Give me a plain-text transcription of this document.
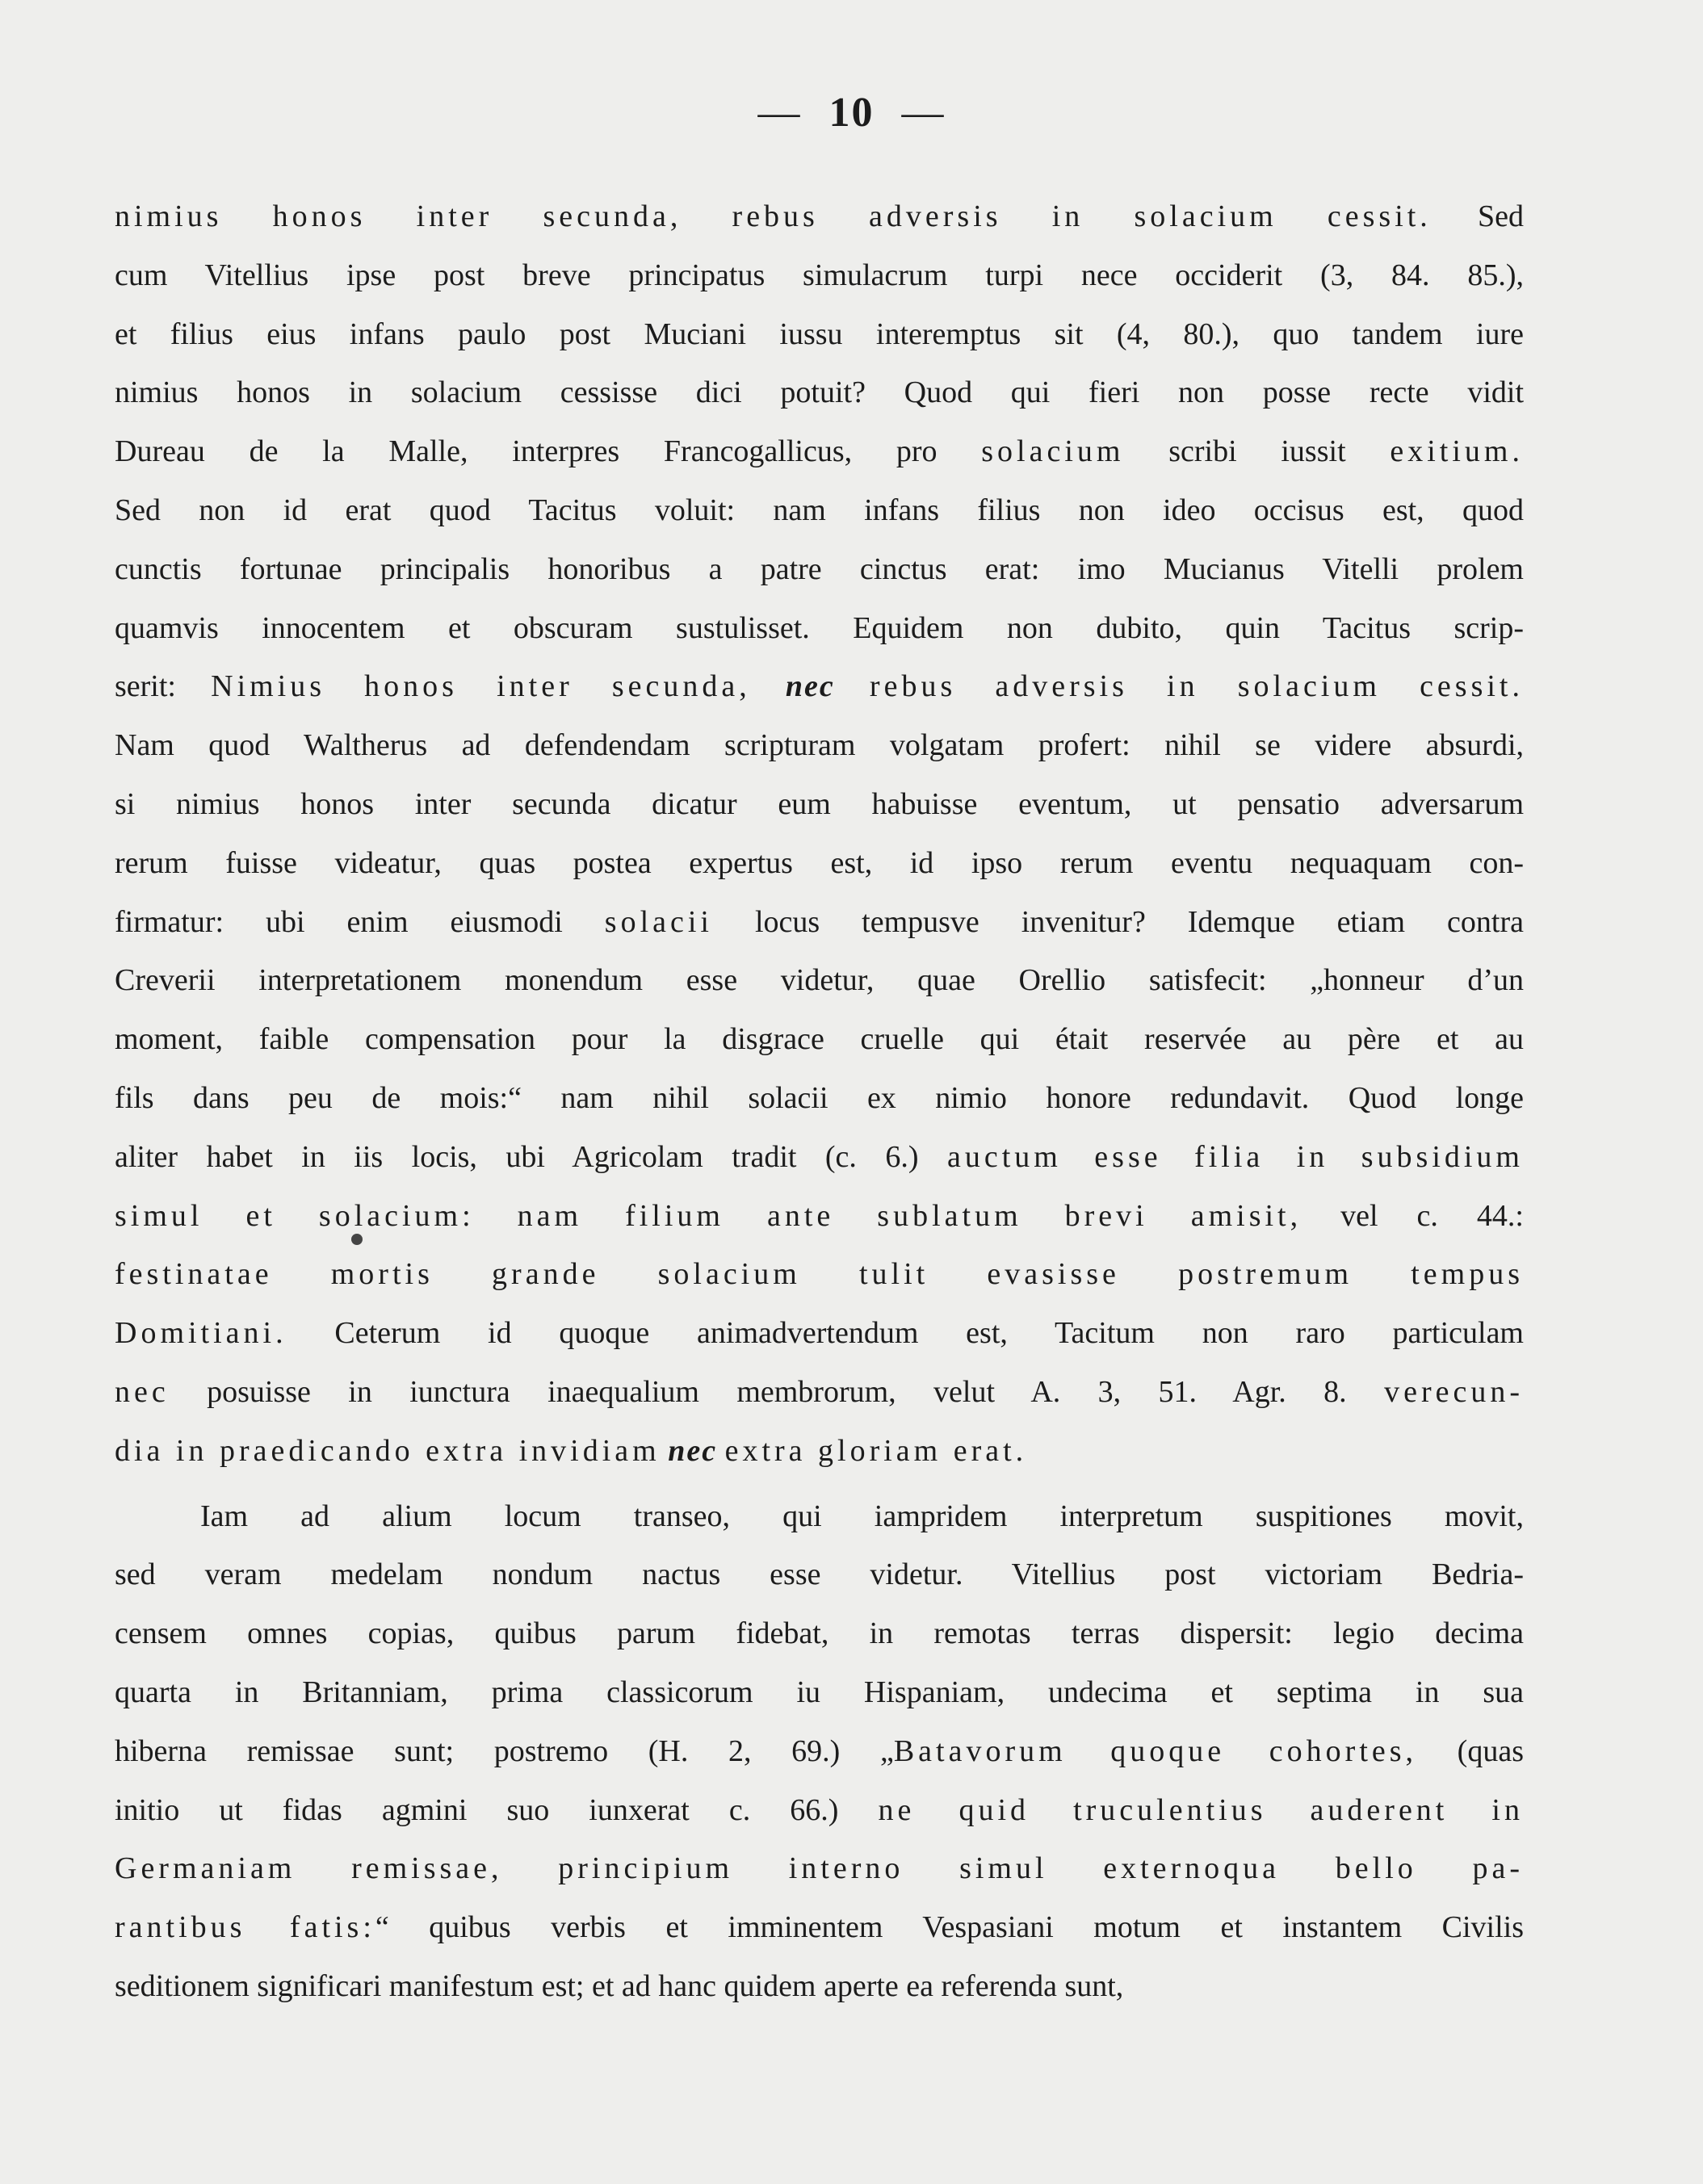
— 10 —
nimius honos inter secunda, rebus adversis in solacium cessit. Sed
cum Vitellius ipse post breve principatus simulacrum turpi nece occiderit (3, 84. 85.),
et filius eius infans paulo post Muciani iussu interemptus sit (4, 80.), quo tandem iure
nimius honos in solacium cessisse dici potuit? Quod qui fieri non posse recte vidit
Dureau de la Malle, interpres Francogallicus, pro solacium scribi iussit exitium.
Sed non id erat quod Tacitus voluit: nam infans filius non ideo occisus est, quod
cunctis fortunae principalis honoribus a patre cinctus erat: imo Mucianus Vitelli prolem
quamvis innocentem et obscuram sustulisset. Equidem non dubito, quin Tacitus scrip-
serit: Nimius honos inter secunda, nec rebus adversis in solacium cessit.
Nam quod Waltherus ad defendendam scripturam volgatam profert: nihil se videre absurdi,
si nimius honos inter secunda dicatur eum habuisse eventum, ut pensatio adversarum
rerum fuisse videatur, quas postea expertus est, id ipso rerum eventu nequaquam con-
firmatur: ubi enim eiusmodi solacii locus tempusve invenitur? Idemque etiam contra
Creverii interpretationem monendum esse videtur, quae Orellio satisfecit: „honneur d’un
moment, faible compensation pour la disgrace cruelle qui était reservée au père et au
fils dans peu de mois:“ nam nihil solacii ex nimio honore redundavit. Quod longe
aliter habet in iis locis, ubi Agricolam tradit (c. 6.) auctum esse filia in subsidium
simul et solacium: nam filium ante sublatum brevi amisit, vel c. 44.:
festinatae mortis grande solacium tulit evasisse postremum tempus
Domitiani. Ceterum id quoque animadvertendum est, Tacitum non raro particulam
nec posuisse in iunctura inaequalium membrorum, velut A. 3, 51. Agr. 8. verecun-
dia in praedicando extra invidiam nec extra gloriam erat.
Iam ad alium locum transeo, qui iampridem interpretum suspitiones movit,
sed veram medelam nondum nactus esse videtur. Vitellius post victoriam Bedria-
censem omnes copias, quibus parum fidebat, in remotas terras dispersit: legio decima
quarta in Britanniam, prima classicorum iu Hispaniam, undecima et septima in sua
hiberna remissae sunt; postremo (H. 2, 69.) „Batavorum quoque cohortes, (quas
initio ut fidas agmini suo iunxerat c. 66.) ne quid truculentius auderent in
Germaniam remissae, principium interno simul externoqua bello pa-
rantibus fatis:“ quibus verbis et imminentem Vespasiani motum et instantem Civilis
seditionem significari manifestum est; et ad hanc quidem aperte ea referenda sunt,
